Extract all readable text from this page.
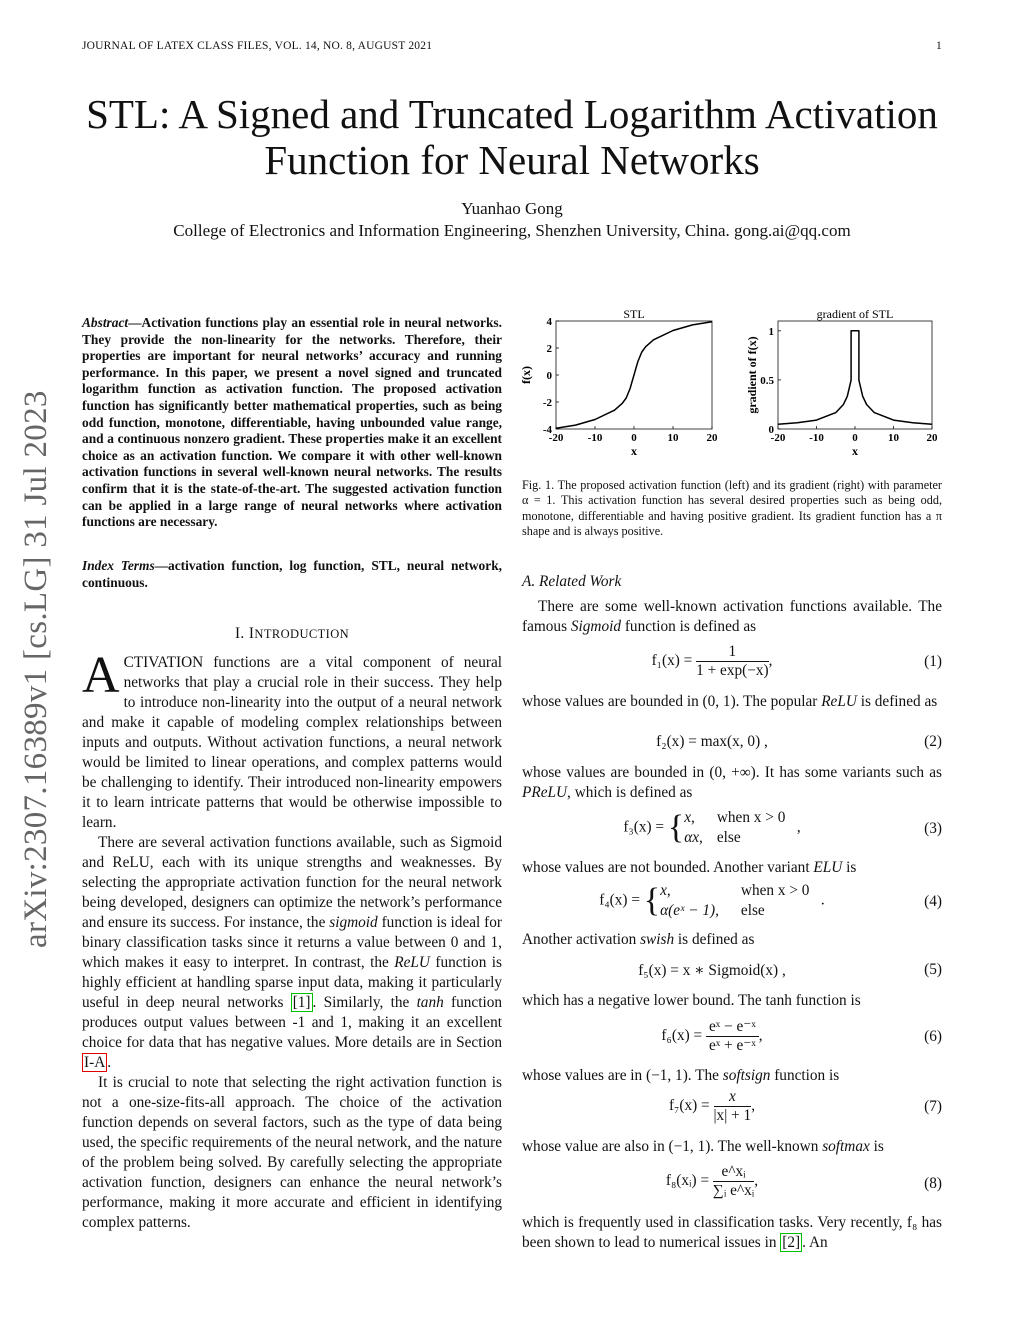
JOURNAL OF LATEX CLASS FILES, VOL. 14, NO. 8, AUGUST 2021	1
STL: A Signed and Truncated Logarithm Activation
Function for Neural Networks
Yuanhao Gong
College of Electronics and Information Engineering, Shenzhen University, China. gong.ai@qq.com
arXiv:2307.16389v1 [cs.LG] 31 Jul 2023
Abstract—Activation functions play an essential role in neural networks. They provide the non-linearity for the networks. Therefore, their properties are important for neural networks’ accuracy and running performance. In this paper, we present a novel signed and truncated logarithm function as activation function. The proposed activation function has significantly better mathematical properties, such as being odd function, monotone, differentiable, having unbounded value range, and a continuous nonzero gradient. These properties make it an excellent choice as an activation function. We compare it with other well-known activation functions in several well-known neural networks. The results confirm that it is the state-of-the-art. The suggested activation function can be applied in a large range of neural networks where activation functions are necessary.
Index Terms—activation function, log function, STL, neural network, continuous.
I. INTRODUCTION

ACTIVATION functions are a vital component of neural networks that play a crucial role in their success. They help to introduce non-linearity into the output of a neural network and make it capable of modeling complex relationships between inputs and outputs. Without activation functions, a neural network would be limited to linear operations, and complex patterns would be challenging to identify. Their introduced non-linearity empowers it to learn intricate patterns that would be otherwise impossible to learn.

There are several activation functions available, such as Sigmoid and ReLU, each with its unique strengths and weaknesses. By selecting the appropriate activation function for the neural network being developed, designers can optimize the network’s performance and ensure its success. For instance, the sigmoid function is ideal for binary classification tasks since it returns a value between 0 and 1, which makes it easy to interpret. In contrast, the ReLU function is highly efficient at handling sparse input data, making it particularly useful in deep neural networks [1] . Similarly, the tanh function produces output values between -1 and 1, making it an excellent choice for data that has negative values. More details are in Section I-A .

It is crucial to note that selecting the right activation function is not a one-size-fits-all approach. The choice of the activation function depends on several factors, such as the type of data being used, the specific requirements of the neural network, and the nature of the problem being solved. By carefully selecting the appropriate activation function, designers can enhance the neural network’s performance, making it more accurate and efficient in identifying complex patterns.

-20 -10	0	10	20
-4
-2
0
2
4
STL
x
f(x)
-20 -10	0	10	20
0
0.5
1
gradient of STL
x
gradient of f(x)
Fig. 1. The proposed activation function (left) and its gradient (right) with parameter α = 1. This activation function has several desired properties such as being odd, monotone, differentiable and having positive gradient. Its gradient function has a π shape and is always positive.
A. Related Work

There are some well-known activation functions available. The famous Sigmoid function is defined as

$f_1(x) = \frac{1}{1 + \exp(-x)}$ ,	(1)

whose values are bounded in (0, 1). The popular ReLU is defined as

f₂(x) = max(x, 0) ,	(2)

whose values are bounded in (0, +∞). It has some variants such as PReLU, which is defined as

f₃(x) = { x,	when x > 0
αx, else
,	(3)

whose values are not bounded. Another variant ELU is

f₄(x) = { x,	when x > 0
α(eˣ − 1), else
.	(4)

Another activation swish is defined as

f₅(x) = x ∗ Sigmoid(x) ,	(5)

which has a negative lower bound. The tanh function is

$f_6(x) = \frac{\text{eˣ − e⁻ˣ}}{\text{eˣ + e⁻ˣ}}$ ,	(6)

whose values are in (−1, 1). The softsign function is

$f_7(x) = \frac{x}{|x| + 1}$ ,	(7)

whose value are also in (−1, 1). The well-known softmax is

f₈(xᵢ) = $\frac{\text{e\textasciicircum{}xᵢ}}{\text{∑ᵢ e\textasciicircum{}xᵢ}}$ ,	(8)

which is frequently used in classification tasks. Very recently, f₈ has been shown to lead to numerical issues in [2] . An
